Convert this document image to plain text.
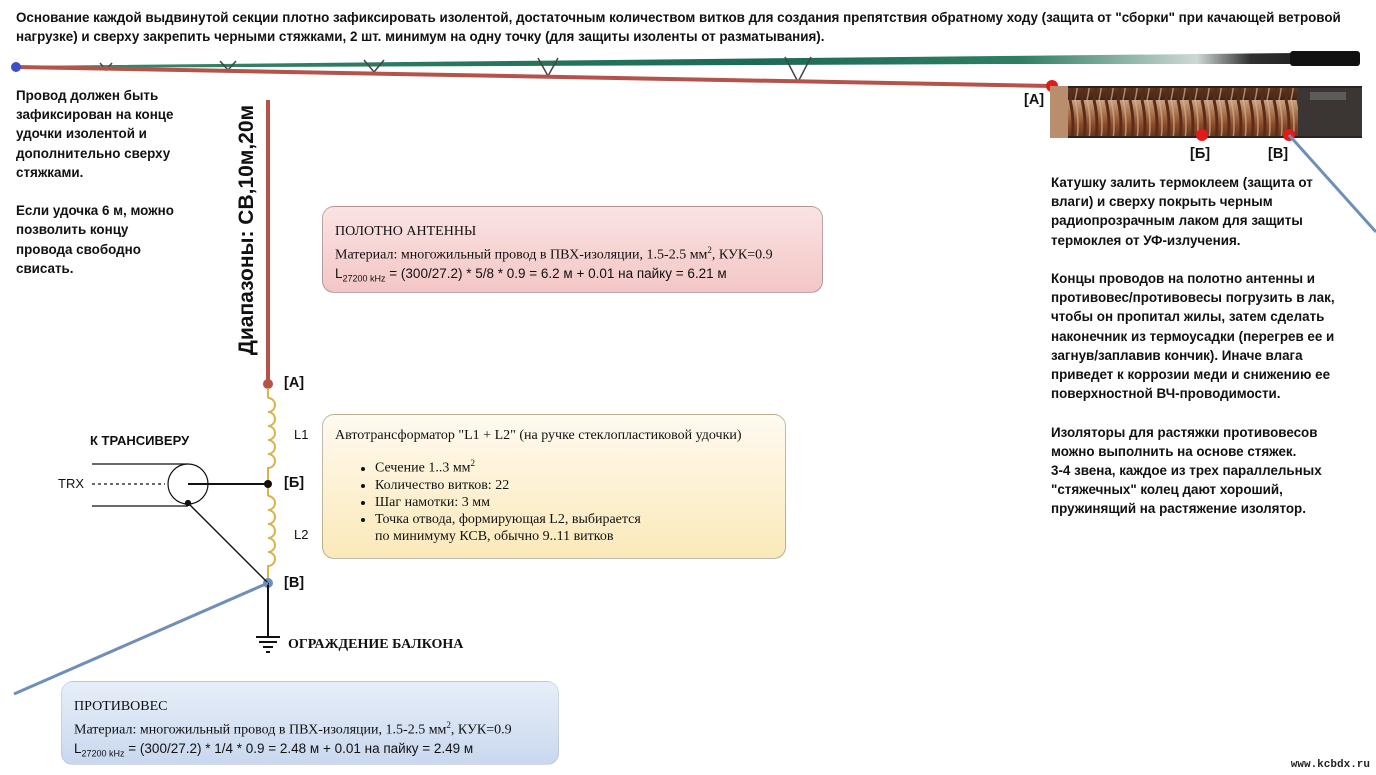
Основание каждой выдвинутой секции плотно зафиксировать изолентой, достаточным количеством витков для создания препятствия обратному ходу (защита от "сборки" при качающей ветровой нагрузке) и сверху закрепить черными стяжками, 2 шт. минимум на одну точку (для защиты изоленты от разматывания).
Провод должен быть зафиксирован на конце удочки изолентой и дополнительно сверху стяжками.

Если удочка 6 м, можно позволить концу провода свободно свисать.
Катушку залить термоклеем (защита от влаги) и сверху покрыть черным радиопрозрачным лаком для защиты термоклея от УФ-излучения.

Концы проводов на полотно антенны и противовес/противовесы погрузить в лак, чтобы он пропитал жилы, затем сделать наконечник из термоусадки (перегрев ее и загнув/заплавив кончик). Иначе влага приведет к коррозии меди и снижению ее поверхностной ВЧ-проводимости.

Изоляторы для растяжки противовесов можно выполнить на основе стяжек.
3-4 звена, каждое из трех параллельных "стяжечных" колец дают хороший, пружинящий на растяжение изолятор.
Диапазоны: СВ,10м,20м
[A]
[Б]	[В]
[А]
[Б]
[В]
L1
L2
TRX
К ТРАНСИВЕРУ
ОГРАЖДЕНИЕ БАЛКОНА
ПОЛОТНО АНТЕННЫ
Материал: многожильный провод в ПВХ-изоляции, 1.5-2.5 $мм^2$, КУК=0.9
$L_{27200 kHz} = (300/27.2) * 5/8 * 0.9 = 6.2$ м + 0.01 на пайку = 6.21 м
Автотрансформатор "L1 + L2" (на ручке стеклопластиковой удочки)
• Сечение 1..3 $мм^2$
• Количество витков: 22
• Шаг намотки: 3 мм
• Точка отвода, формирующая L2, выбирается
по минимуму КСВ, обычно 9..11 витков
ПРОТИВОВЕС
Материал: многожильный провод в ПВХ-изоляции, 1.5-2.5 $мм^2$, КУК=0.9
$L_{27200 kHz} = (300/27.2) * 1/4 * 0.9 = 2.48$ м + 0.01 на пайку = 2.49 м
www.kcbdx.ru
